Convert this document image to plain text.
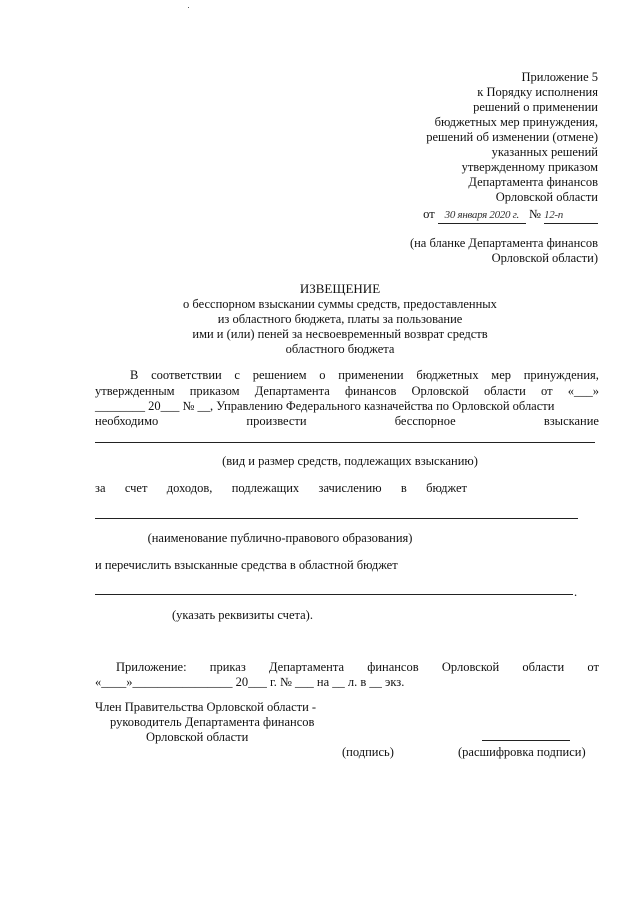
Приложение 5
к Порядку исполнения
решений о применении
бюджетных мер принуждения,
решений об изменении (отмене)
указанных решений
утвержденному приказом
Департамента финансов
Орловской области
от 30 января 2020 г. № 12-п
(на бланке Департамента финансов
Орловской области)
ИЗВЕЩЕНИЕ
о бесспорном взыскании суммы средств, предоставленных
из областного бюджета, платы за пользование
ими и (или) пеней за несвоевременный возврат средств
областного бюджета
В соответствии с решением о применении бюджетных мер принуждения,
утвержденным приказом Департамента финансов Орловской области от «___»
________ 20___ № __, Управлению Федерального казначейства по Орловской области
необходимо	произвести	бесспорное	взыскание
(вид и размер средств, подлежащих взысканию)
за счет доходов, подлежащих зачислению в бюджет
(наименование публично-правового образования)
и перечислить взысканные средства в областной бюджет
.
(указать реквизиты счета).
Приложение: приказ Департамента финансов Орловской области от
«____»________________ 20___ г. № ___ на __ л. в __ экз.
Член Правительства Орловской области -
руководитель Департамента финансов
Орловской области
(подпись)	(расшифровка подписи)
